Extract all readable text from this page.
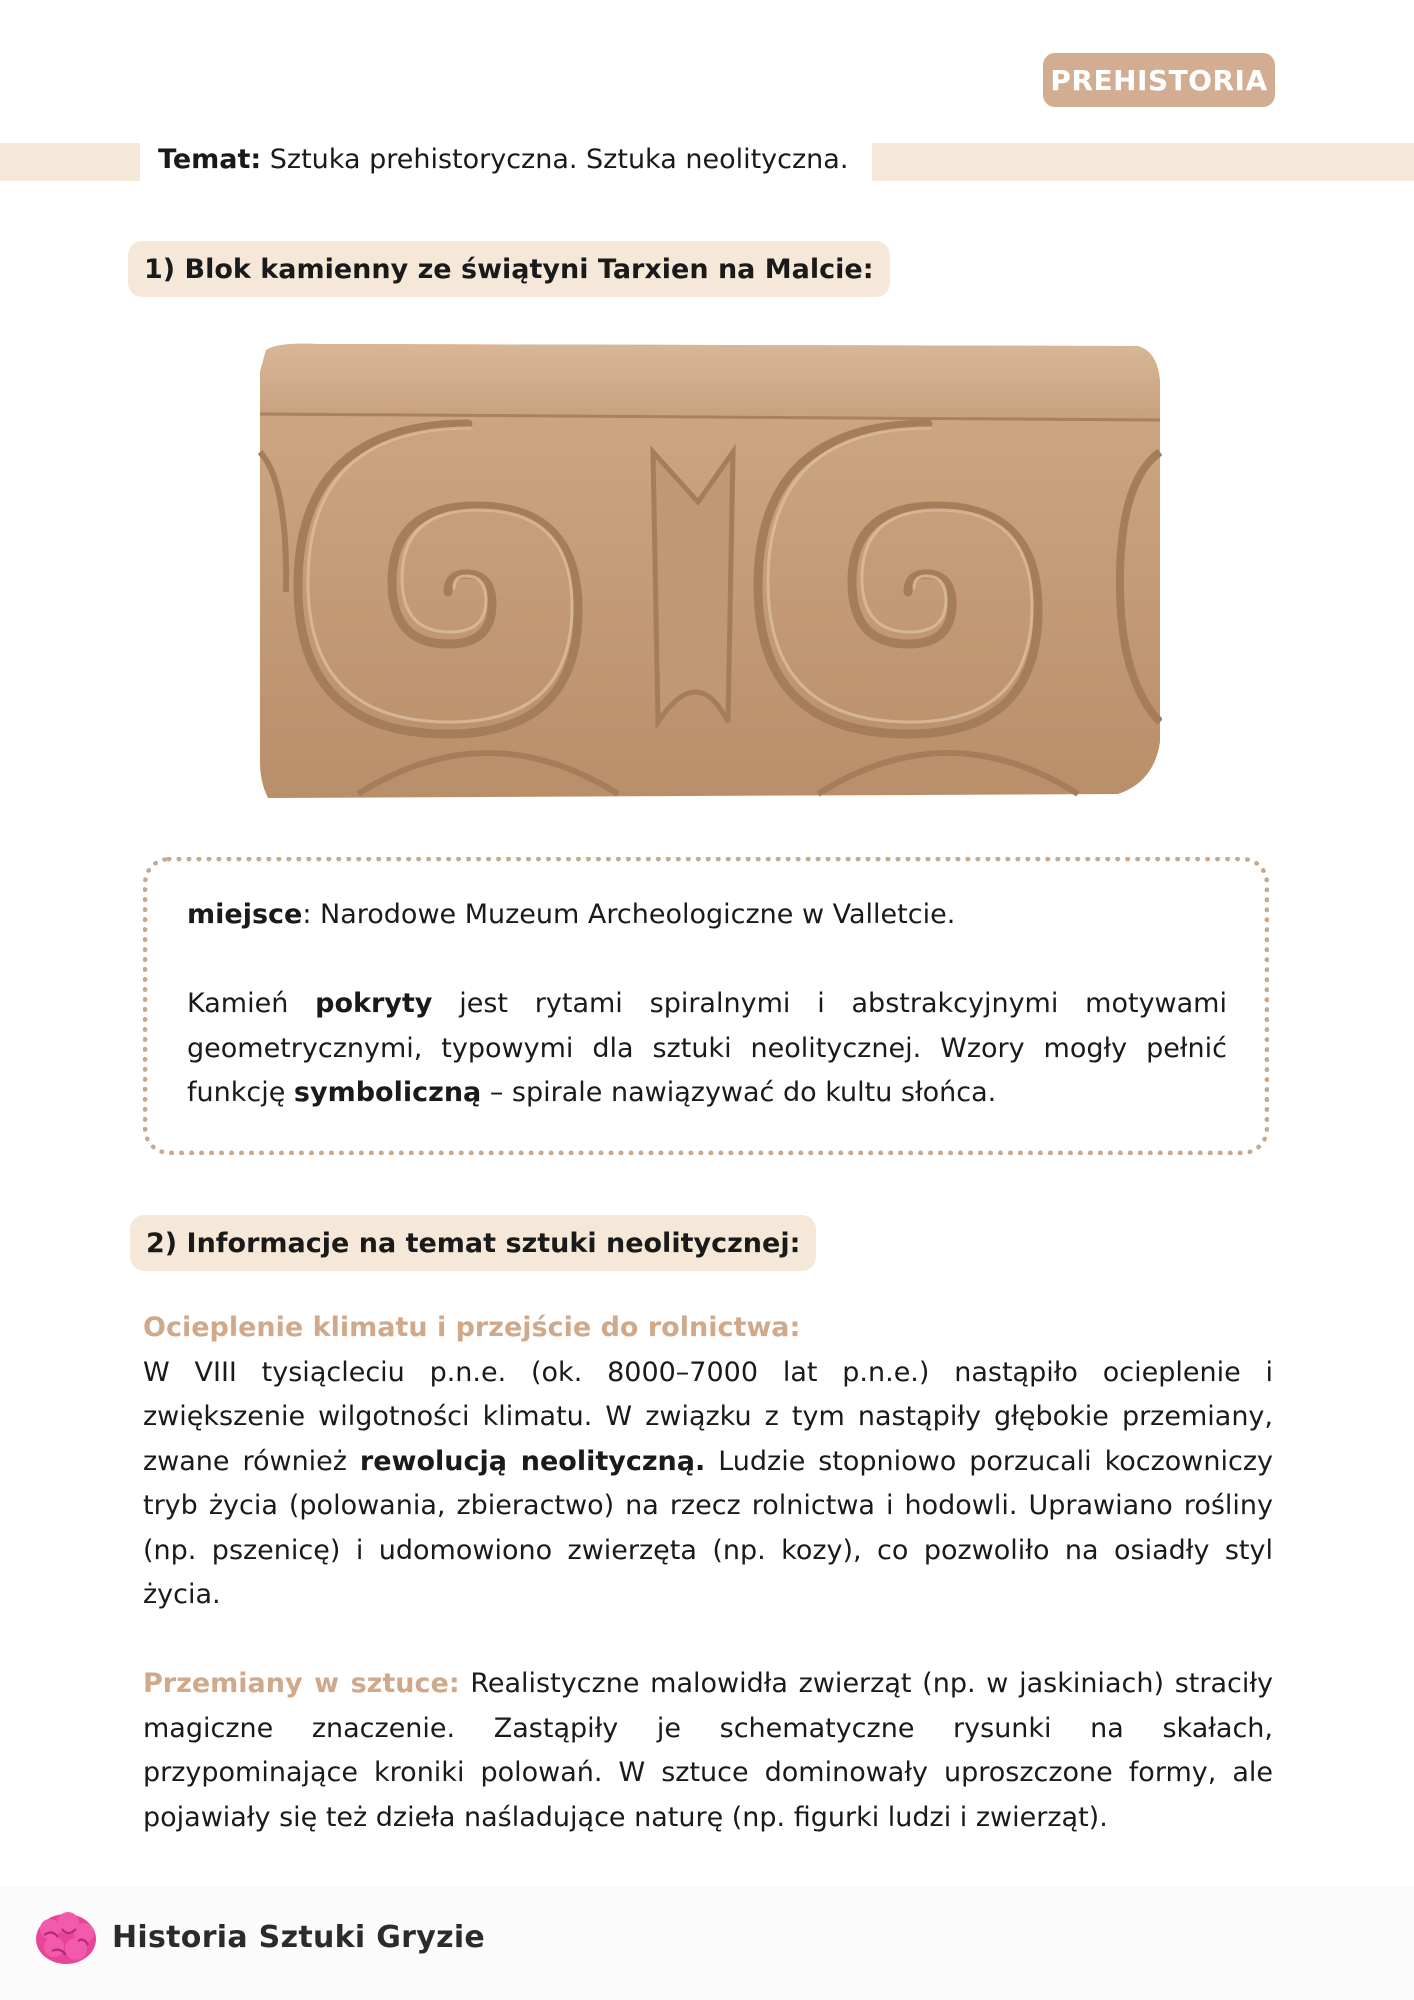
PREHISTORIA
Temat: Sztuka prehistoryczna. Sztuka neolityczna.
1) Blok kamienny ze świątyni Tarxien na Malcie:
miejsce: Narodowe Muzeum Archeologiczne w Valletcie.
Kamień pokryty jest rytami spiralnymi i abstrakcyjnymi motywami geometrycznymi, typowymi dla sztuki neolitycznej. Wzory mogły pełnić funkcję symboliczną – spirale nawiązywać do kultu słońca.
2) Informacje na temat sztuki neolitycznej:
Ocieplenie klimatu i przejście do rolnictwa:
W VIII tysiącleciu p.n.e. (ok. 8000–7000 lat p.n.e.) nastąpiło ocieplenie i zwiększenie wilgotności klimatu. W związku z tym nastąpiły głębokie przemiany, zwane również rewolucją neolityczną. Ludzie stopniowo porzucali koczowniczy tryb życia (polowania, zbieractwo) na rzecz rolnictwa i hodowli. Uprawiano rośliny (np. pszenicę) i udomowiono zwierzęta (np. kozy), co pozwoliło na osiadły styl życia.
Przemiany w sztuce: Realistyczne malowidła zwierząt (np. w jaskiniach) straciły magiczne znaczenie. Zastąpiły je schematyczne rysunki na skałach, przypominające kroniki polowań. W sztuce dominowały uproszczone formy, ale pojawiały się też dzieła naśladujące naturę (np. figurki ludzi i zwierząt).
Historia Sztuki Gryzie
